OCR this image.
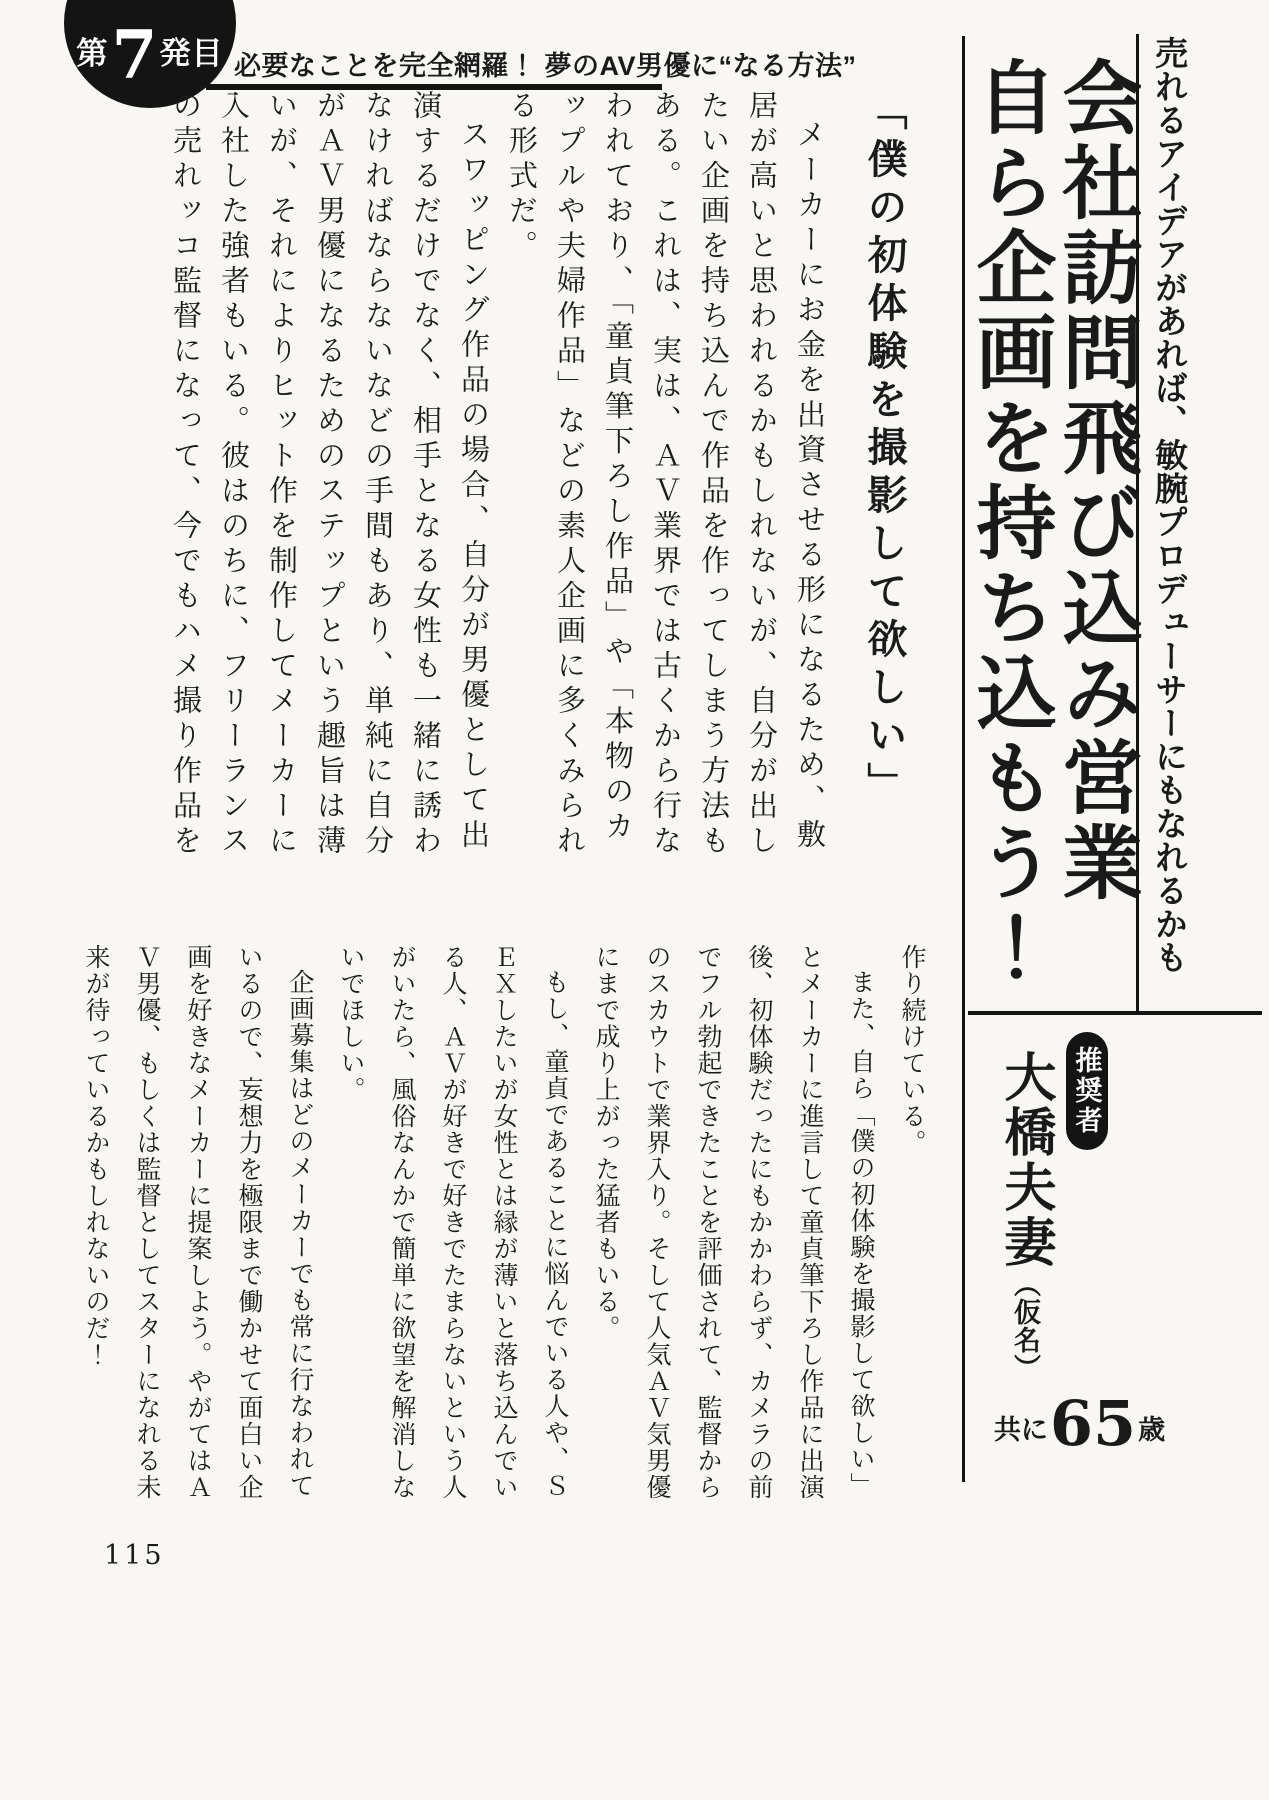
第 7 発目 必要なことを完全網羅！ 夢のAV男優に“なる方法”	売れるアイデアがあれば、敏腕プロデューサーにもなれるかも
会社訪問飛び込み営業
自ら企画を持ち込もう！
推奨者
大橋夫妻（仮名）
共に 65 歳
「僕の初体験を撮影して欲しい」

メーカーにお金を出資させる形になるため、敷居が高いと思われるかもしれないが、自分が出したい企画を持ち込んで作品を作ってしまう方法もある。これは、実は、ＡＶ業界では古くから行なわれており、「童貞筆下ろし作品」や「本物のカップルや夫婦作品」などの素人企画に多くみられる形式だ。

スワッピング作品の場合、自分が男優として出演するだけでなく、相手となる女性も一緒に誘わなければならないなどの手間もあり、単純に自分がＡＶ男優になるためのステップという趣旨は薄いが、それによりヒット作を制作してメーカーに入社した強者もいる。彼はのちに、フリーランスの売れッコ監督になって、今でもハメ撮り作品を

作り続けている。

また、自ら「僕の初体験を撮影して欲しい」とメーカーに進言して童貞筆下ろし作品に出演後、初体験だったにもかかわらず、カメラの前でフル勃起できたことを評価されて、監督からのスカウトで業界入り。そして人気ＡＶ気男優にまで成り上がった猛者もいる。

もし、童貞であることに悩んでいる人や、ＳＥＸしたいが女性とは縁が薄いと落ち込んでいる人、ＡＶが好きで好きでたまらないという人がいたら、風俗なんかで簡単に欲望を解消しないでほしい。

企画募集はどのメーカーでも常に行なわれているので、妄想力を極限まで働かせて面白い企画を好きなメーカーに提案しよう。やがてはＡＶ男優、もしくは監督としてスターになれる未来が待っているかもしれないのだ！

115
